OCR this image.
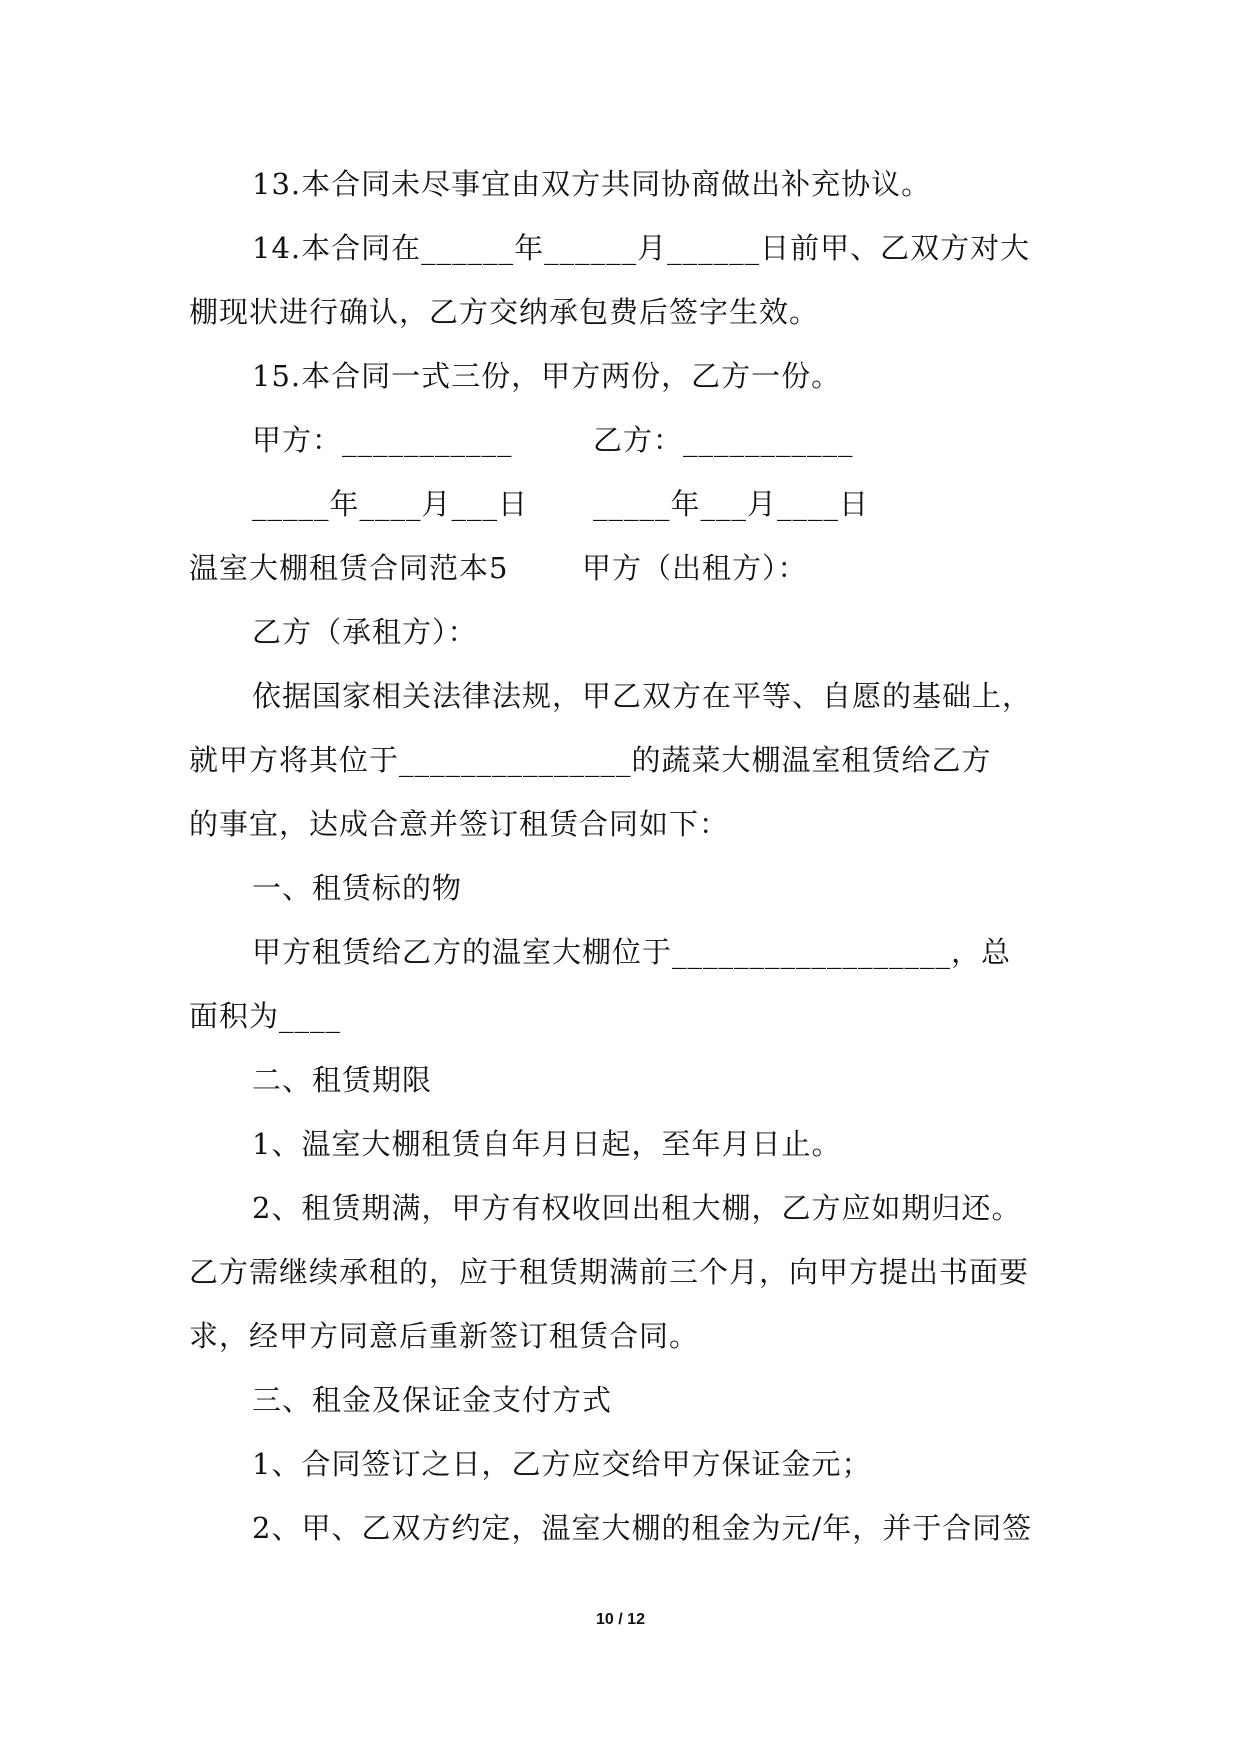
13.本合同未尽事宜由双方共同协商做出补充协议。
14.本合同在______年______月______日前甲、乙双方对大
棚现状进行确认，乙方交纳承包费后签字生效。
15.本合同一式三份，甲方两份，乙方一份。
甲方：___________	乙方：___________
_____年____月___日 _____年___月____日
温室大棚租赁合同范本5	甲方（出租方）：
乙方（承租方）：
依据国家相关法律法规，甲乙双方在平等、自愿的基础上，
就甲方将其位于_______________的蔬菜大棚温室租赁给乙方
的事宜，达成合意并签订租赁合同如下：
一、租赁标的物
甲方租赁给乙方的温室大棚位于__________________，总
面积为____
二、租赁期限
1、温室大棚租赁自年月日起，至年月日止。
2、租赁期满，甲方有权收回出租大棚，乙方应如期归还。
乙方需继续承租的，应于租赁期满前三个月，向甲方提出书面要
求，经甲方同意后重新签订租赁合同。
三、租金及保证金支付方式
1、合同签订之日，乙方应交给甲方保证金元；
2、甲、乙双方约定，温室大棚的租金为元/年，并于合同签
10 / 12
